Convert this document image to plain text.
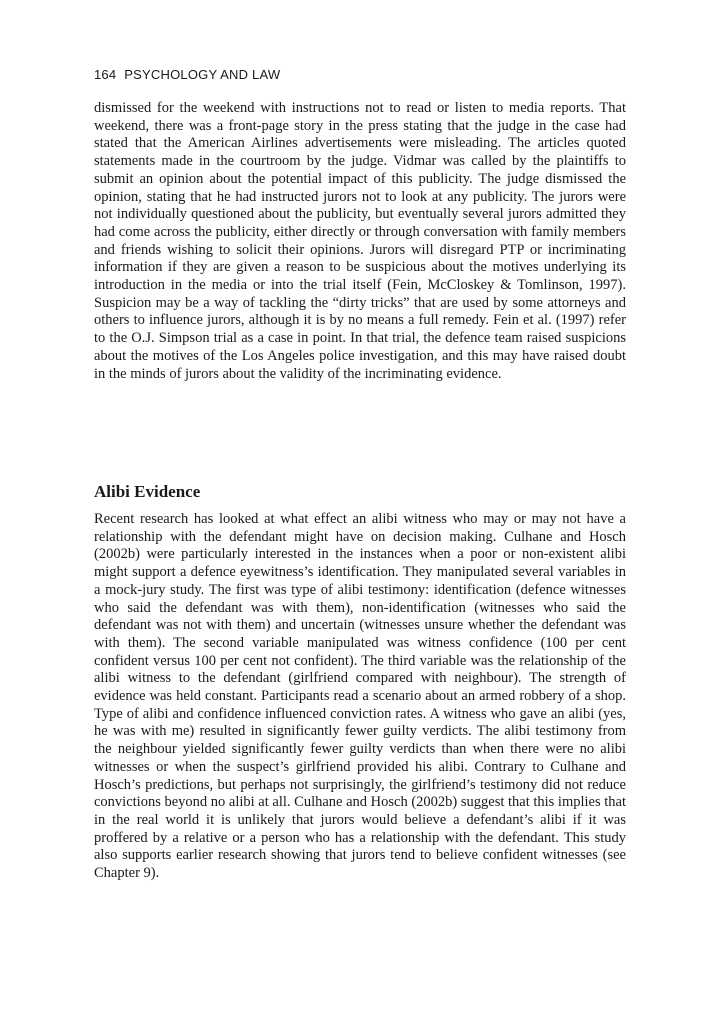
164 PSYCHOLOGY AND LAW

dismissed for the weekend with instructions not to read or listen to media reports. That weekend, there was a front-page story in the press stating that the judge in the case had stated that the American Airlines advertisements were misleading. The articles quoted statements made in the courtroom by the judge. Vidmar was called by the plaintiffs to submit an opinion about the potential impact of this publicity. The judge dismissed the opinion, stating that he had instructed jurors not to look at any publicity. The jurors were not individually questioned about the publicity, but eventually several jurors admitted they had come across the publicity, either directly or through conversation with family members and friends wishing to solicit their opinions. Jurors will disregard PTP or incriminating information if they are given a reason to be suspicious about the motives underlying its introduction in the media or into the trial itself (Fein, McCloskey & Tomlinson, 1997). Suspicion may be a way of tackling the “dirty tricks” that are used by some attorneys and others to influence jurors, although it is by no means a full remedy. Fein et al. (1997) refer to the O.J. Simpson trial as a case in point. In that trial, the defence team raised suspicions about the motives of the Los Angeles police investigation, and this may have raised doubt in the minds of jurors about the validity of the incriminating evidence.

Alibi Evidence

Recent research has looked at what effect an alibi witness who may or may not have a relationship with the defendant might have on decision making. Culhane and Hosch (2002b) were particularly interested in the instances when a poor or non-existent alibi might support a defence eyewitness’s identification. They manipulated several variables in a mock-jury study. The first was type of alibi testimony: identification (defence witnesses who said the defendant was with them), non-identification (witnesses who said the defendant was not with them) and uncertain (witnesses unsure whether the defendant was with them). The second variable manipulated was witness confidence (100 per cent confident versus 100 per cent not confident). The third variable was the relationship of the alibi witness to the defendant (girlfriend compared with neighbour). The strength of evidence was held constant. Participants read a scenario about an armed robbery of a shop. Type of alibi and confidence influenced conviction rates. A witness who gave an alibi (yes, he was with me) resulted in significantly fewer guilty verdicts. The alibi testimony from the neighbour yielded significantly fewer guilty verdicts than when there were no alibi witnesses or when the suspect’s girlfriend provided his alibi. Contrary to Culhane and Hosch’s predictions, but perhaps not surprisingly, the girlfriend’s testimony did not reduce convictions beyond no alibi at all. Culhane and Hosch (2002b) suggest that this implies that in the real world it is unlikely that jurors would believe a defendant’s alibi if it was proffered by a relative or a person who has a relationship with the defendant. This study also supports earlier research showing that jurors tend to believe confident witnesses (see Chapter 9).
